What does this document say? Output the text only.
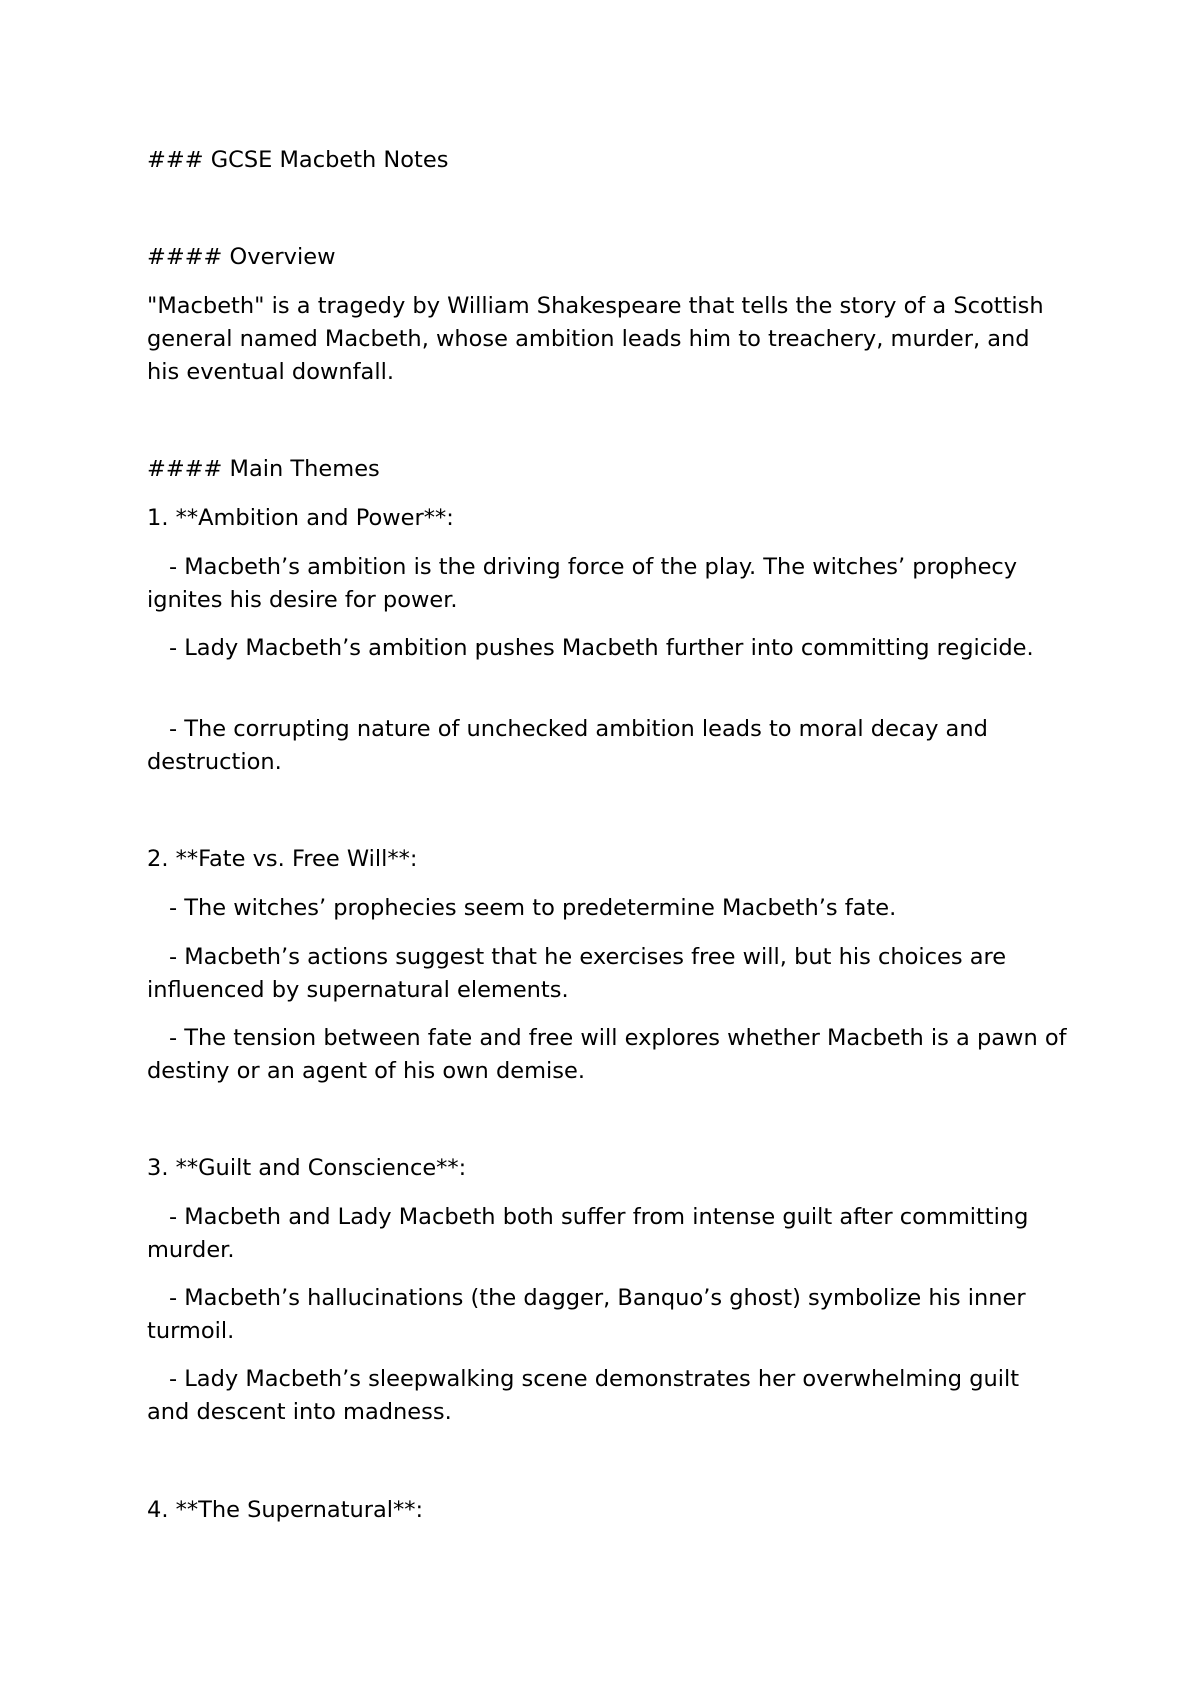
### GCSE Macbeth Notes

#### Overview

"Macbeth" is a tragedy by William Shakespeare that tells the story of a Scottish general named Macbeth, whose ambition leads him to treachery, murder, and his eventual downfall.

#### Main Themes

1. **Ambition and Power**:

- Macbeth’s ambition is the driving force of the play. The witches’ prophecy ignites his desire for power.

- Lady Macbeth’s ambition pushes Macbeth further into committing regicide.

- The corrupting nature of unchecked ambition leads to moral decay and destruction.

2. **Fate vs. Free Will**:

- The witches’ prophecies seem to predetermine Macbeth’s fate.

- Macbeth’s actions suggest that he exercises free will, but his choices are influenced by supernatural elements.

- The tension between fate and free will explores whether Macbeth is a pawn of destiny or an agent of his own demise.

3. **Guilt and Conscience**:

- Macbeth and Lady Macbeth both suffer from intense guilt after committing murder.

- Macbeth’s hallucinations (the dagger, Banquo’s ghost) symbolize his inner turmoil.

- Lady Macbeth’s sleepwalking scene demonstrates her overwhelming guilt and descent into madness.

4. **The Supernatural**:
